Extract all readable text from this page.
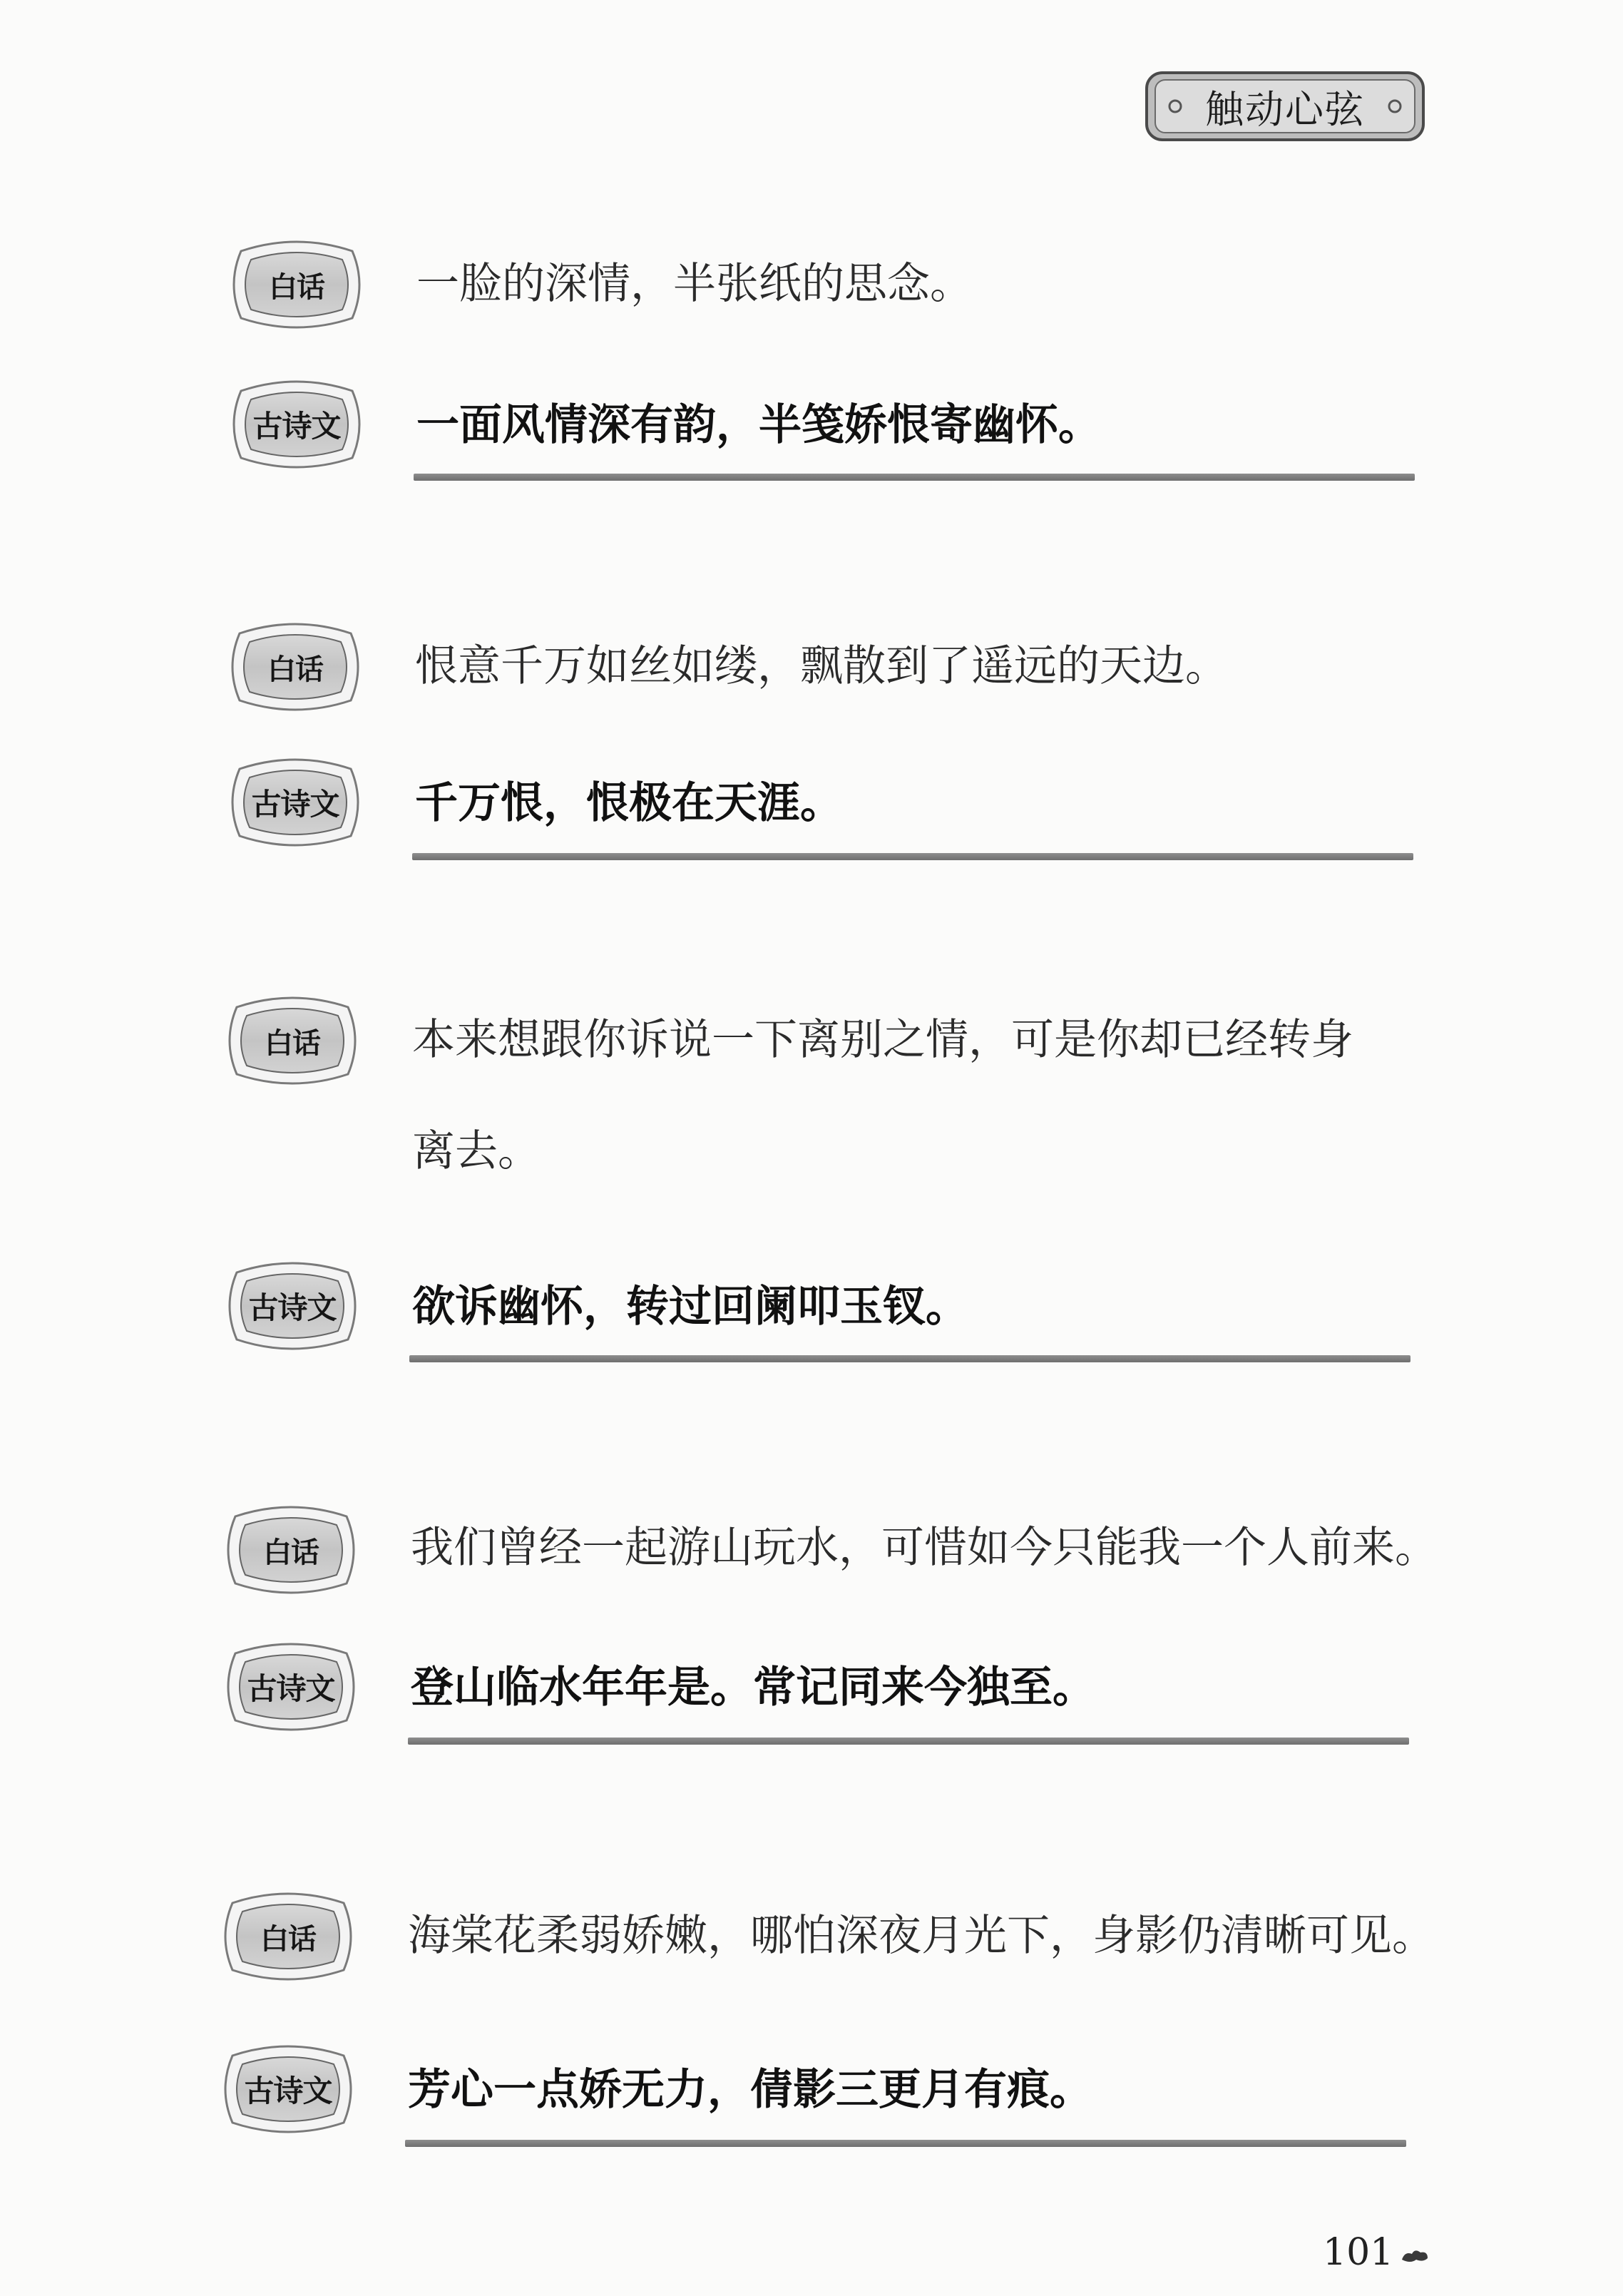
触动心弦
白话	一脸的深情，半张纸的思念。
古诗文	一面风情深有韵，半笺娇恨寄幽怀。
白话	恨意千万如丝如缕，飘散到了遥远的天边。
古诗文	千万恨，恨极在天涯。
白话	本来想跟你诉说一下离别之情，可是你却已经转身
离去。
古诗文	欲诉幽怀，转过回阑叩玉钗。
白话	我们曾经一起游山玩水，可惜如今只能我一个人前来。
古诗文	登山临水年年是。常记同来今独至。
白话	海棠花柔弱娇嫩，哪怕深夜月光下，身影仍清晰可见。
古诗文	芳心一点娇无力，倩影三更月有痕。
101
